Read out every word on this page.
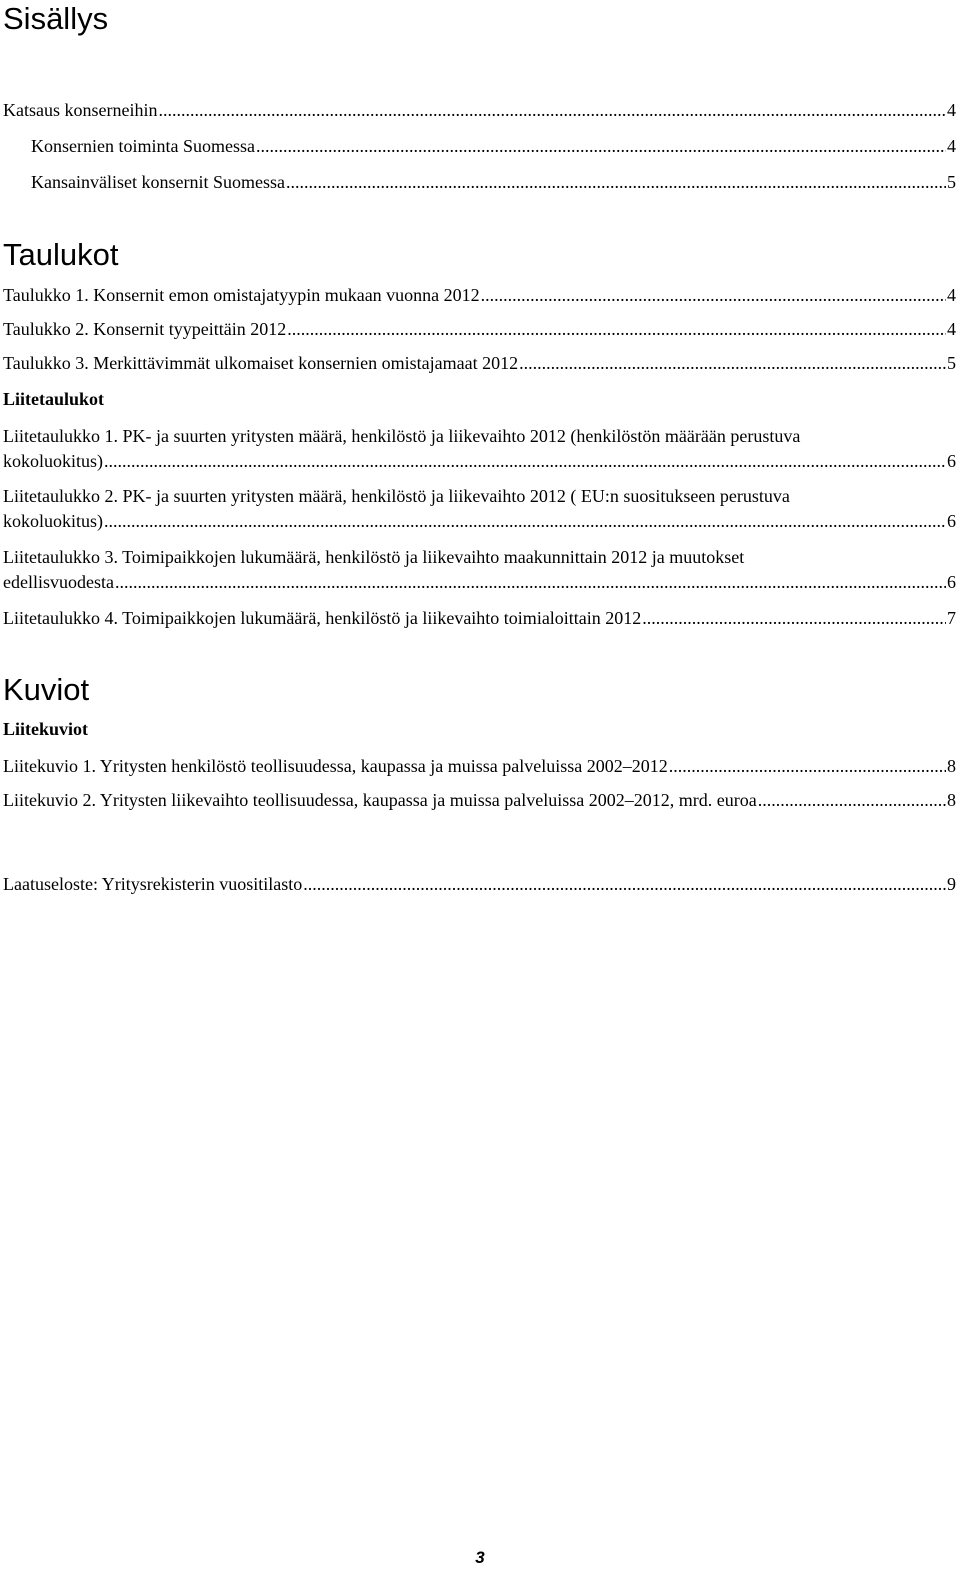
Sisällys
Katsaus konserneihin .....	4
Konsernien toiminta Suomessa .....	4
Kansainväliset konsernit Suomessa .....	5
Taulukot
Taulukko 1. Konsernit emon omistajatyypin mukaan vuonna 2012 .....	4
Taulukko 2. Konsernit tyypeittäin 2012 .....	4
Taulukko 3. Merkittävimmät ulkomaiset konsernien omistajamaat 2012 .....	5
Liitetaulukot
Liitetaulukko 1. PK- ja suurten yritysten määrä, henkilöstö ja liikevaihto 2012 (henkilöstön määrään perustuva
kokoluokitus) .....	6
Liitetaulukko 2. PK- ja suurten yritysten määrä, henkilöstö ja liikevaihto 2012 ( EU:n suositukseen perustuva
kokoluokitus) .....	6
Liitetaulukko 3. Toimipaikkojen lukumäärä, henkilöstö ja liikevaihto maakunnittain 2012 ja muutokset
edellisvuodesta .....	6
Liitetaulukko 4. Toimipaikkojen lukumäärä, henkilöstö ja liikevaihto toimialoittain 2012 .....	7
Kuviot
Liitekuviot
Liitekuvio 1. Yritysten henkilöstö teollisuudessa, kaupassa ja muissa palveluissa 2002–2012 .....	8
Liitekuvio 2. Yritysten liikevaihto teollisuudessa, kaupassa ja muissa palveluissa 2002–2012, mrd. euroa .....	8
Laatuseloste: Yritysrekisterin vuositilasto .....	9
3
